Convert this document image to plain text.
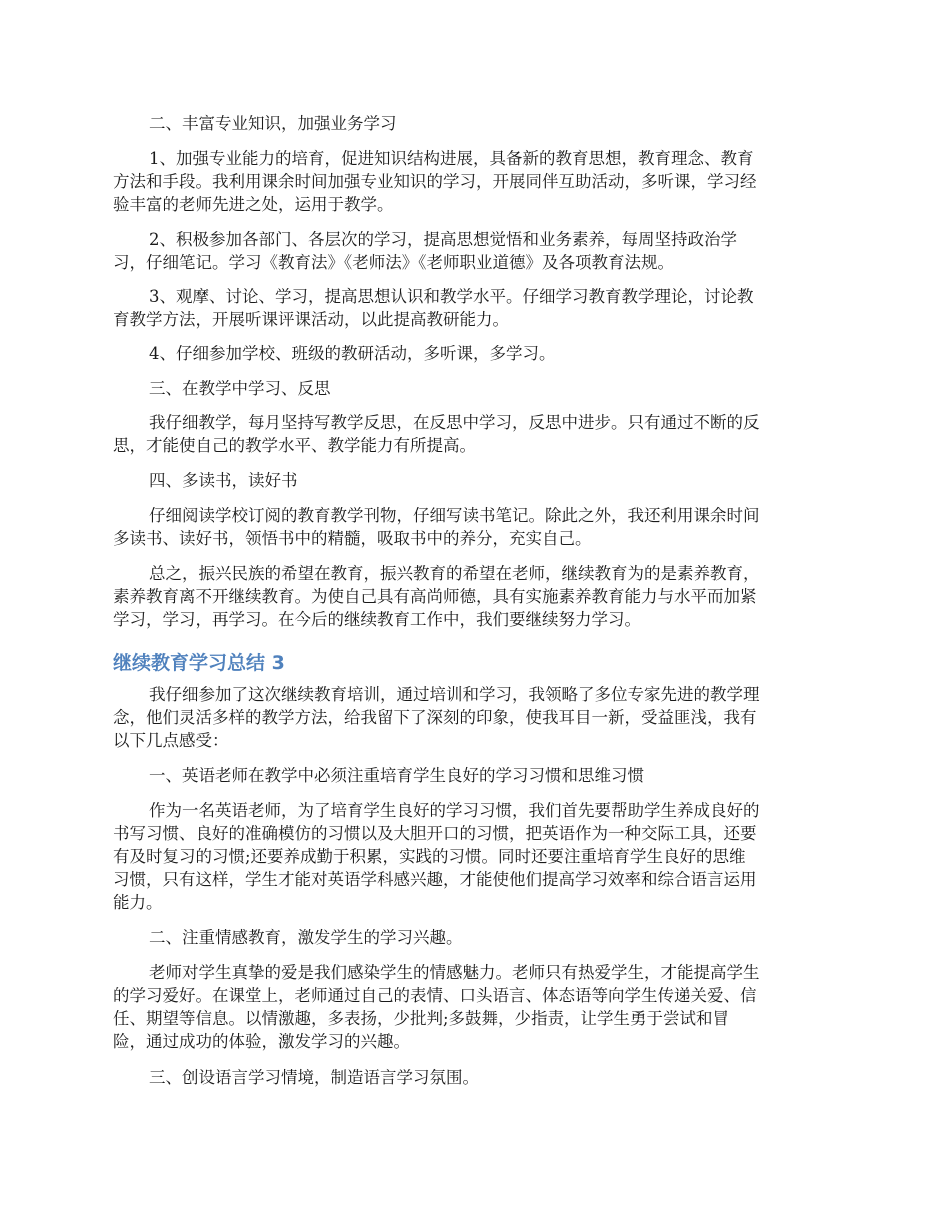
二、丰富专业知识，加强业务学习
1、加强专业能力的培育，促进知识结构进展，具备新的教育思想，教育理念、教育
方法和手段。我利用课余时间加强专业知识的学习，开展同伴互助活动，多听课，学习经
验丰富的老师先进之处，运用于教学。
2、积极参加各部门、各层次的学习，提高思想觉悟和业务素养，每周坚持政治学
习，仔细笔记。学习《教育法》《老师法》《老师职业道德》及各项教育法规。
3、观摩、讨论、学习，提高思想认识和教学水平。仔细学习教育教学理论，讨论教
育教学方法，开展听课评课活动，以此提高教研能力。
4、仔细参加学校、班级的教研活动，多听课，多学习。
三、在教学中学习、反思
我仔细教学，每月坚持写教学反思，在反思中学习，反思中进步。只有通过不断的反
思，才能使自己的教学水平、教学能力有所提高。
四、多读书，读好书
仔细阅读学校订阅的教育教学刊物，仔细写读书笔记。除此之外，我还利用课余时间
多读书、读好书，领悟书中的精髓，吸取书中的养分，充实自己。
总之，振兴民族的希望在教育，振兴教育的希望在老师，继续教育为的是素养教育，
素养教育离不开继续教育。为使自己具有高尚师德，具有实施素养教育能力与水平而加紧
学习，学习，再学习。在今后的继续教育工作中，我们要继续努力学习。
继续教育学习总结 3
我仔细参加了这次继续教育培训，通过培训和学习，我领略了多位专家先进的教学理
念，他们灵活多样的教学方法，给我留下了深刻的印象，使我耳目一新，受益匪浅，我有
以下几点感受：
一、英语老师在教学中必须注重培育学生良好的学习习惯和思维习惯
作为一名英语老师，为了培育学生良好的学习习惯，我们首先要帮助学生养成良好的
书写习惯、良好的准确模仿的习惯以及大胆开口的习惯，把英语作为一种交际工具，还要
有及时复习的习惯;还要养成勤于积累，实践的习惯。同时还要注重培育学生良好的思维
习惯，只有这样，学生才能对英语学科感兴趣，才能使他们提高学习效率和综合语言运用
能力。
二、注重情感教育，激发学生的学习兴趣。
老师对学生真挚的爱是我们感染学生的情感魅力。老师只有热爱学生，才能提高学生
的学习爱好。在课堂上，老师通过自己的表情、口头语言、体态语等向学生传递关爱、信
任、期望等信息。以情激趣，多表扬，少批判;多鼓舞，少指责，让学生勇于尝试和冒
险，通过成功的体验，激发学习的兴趣。
三、创设语言学习情境，制造语言学习氛围。
